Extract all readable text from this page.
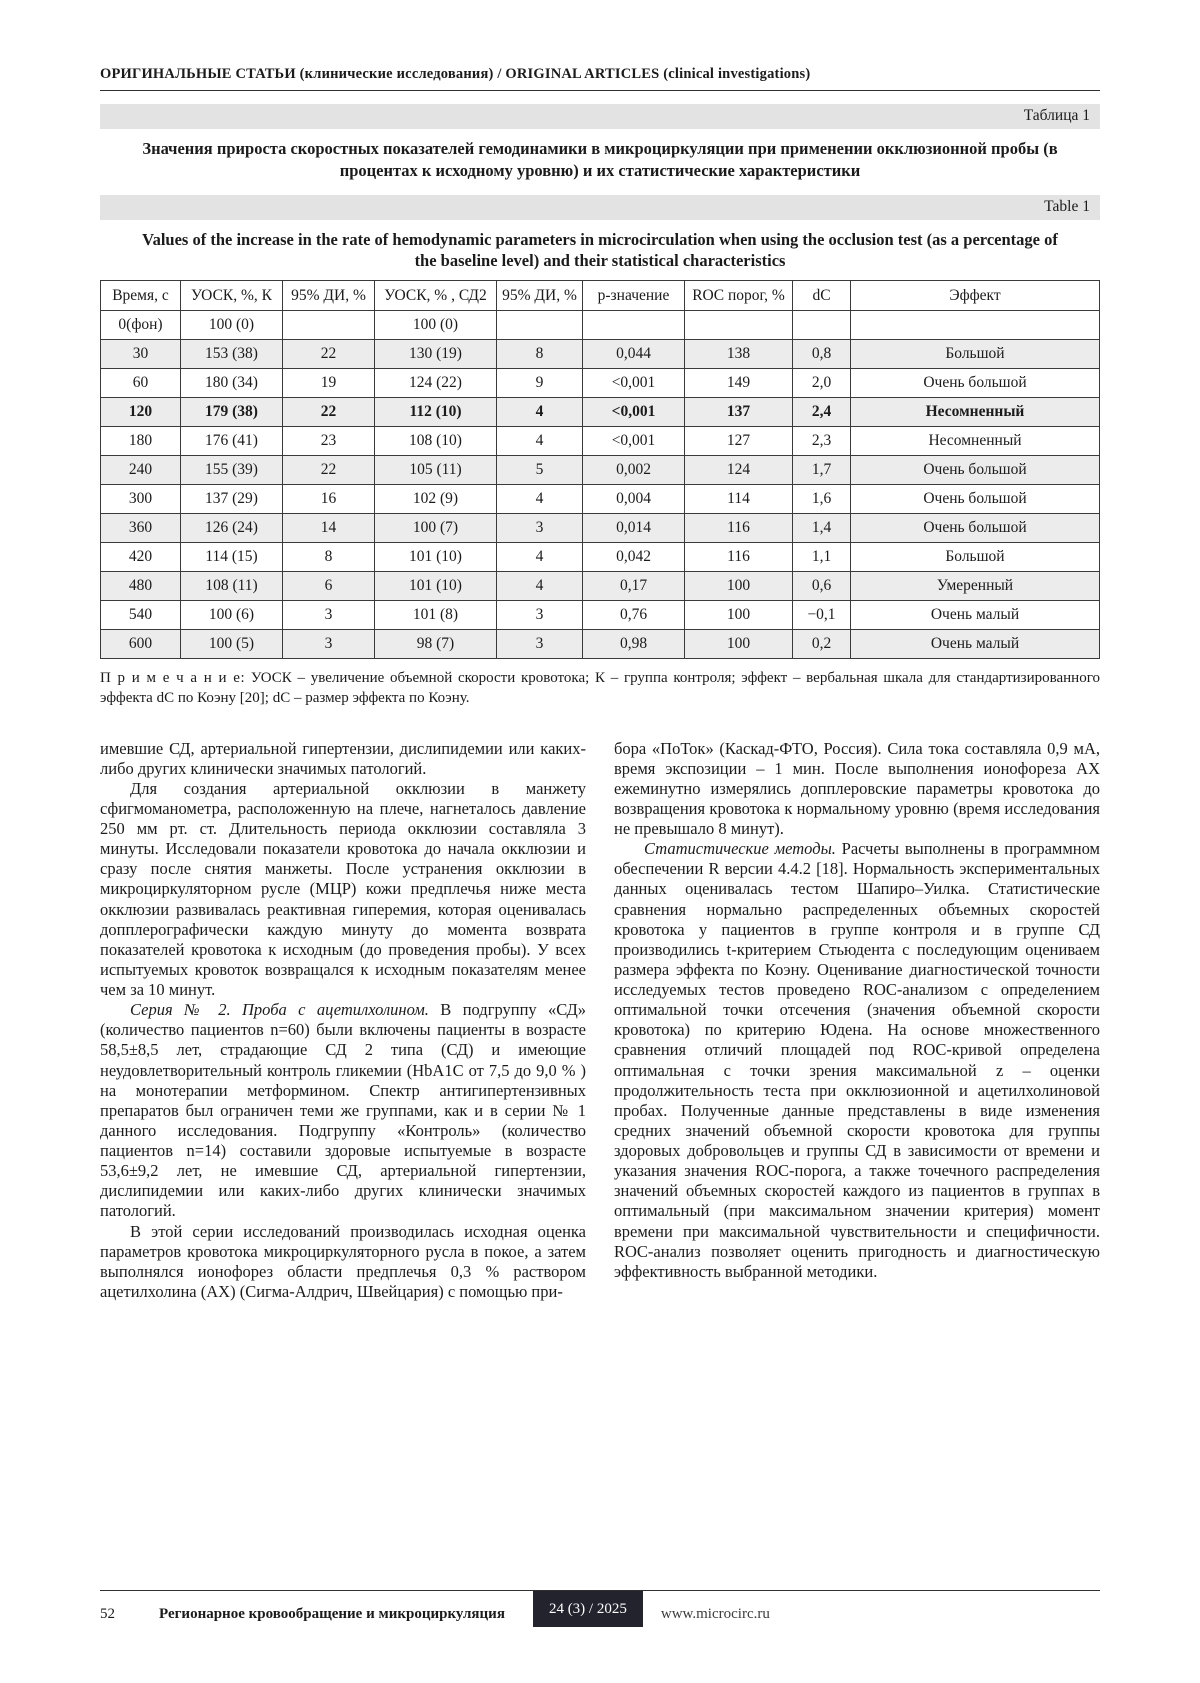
ОРИГИНАЛЬНЫЕ СТАТЬИ (клинические исследования) / ORIGINAL ARTICLES (clinical investigations)
Таблица 1
Значения прироста скоростных показателей гемодинамики в микроциркуляции при применении окклюзионной пробы (в процентах к исходному уровню) и их статистические характеристики
Table 1
Values of the increase in the rate of hemodynamic parameters in microcirculation when using the occlusion test (as a percentage of the baseline level) and their statistical characteristics
Время, с	УОСК, %, К	95% ДИ, %	УОСК, % , СД2	95% ДИ, %	p-значение	ROC порог, %	dC	Эффект
0(фон)	100 (0)		100 (0)					
30	153 (38)	22	130 (19)	8	0,044	138	0,8	Большой
60	180 (34)	19	124 (22)	9	<0,001	149	2,0	Очень большой
120	179 (38)	22	112 (10)	4	<0,001	137	2,4	Несомненный
180	176 (41)	23	108 (10)	4	<0,001	127	2,3	Несомненный
240	155 (39)	22	105 (11)	5	0,002	124	1,7	Очень большой
300	137 (29)	16	102 (9)	4	0,004	114	1,6	Очень большой
360	126 (24)	14	100 (7)	3	0,014	116	1,4	Очень большой
420	114 (15)	8	101 (10)	4	0,042	116	1,1	Большой
480	108 (11)	6	101 (10)	4	0,17	100	0,6	Умеренный
540	100 (6)	3	101 (8)	3	0,76	100	−0,1	Очень малый
600	100 (5)	3	98 (7)	3	0,98	100	0,2	Очень малый

П р и м е ч а н и е: УОСК – увеличение объемной скорости кровотока; К – группа контроля; эффект – вербальная шкала для стандартизированного эффекта dC по Коэну [20]; dC – размер эффекта по Коэну.

имевшие СД, артериальной гипертензии, дислипидемии или каких-либо других клинически значимых патологий.

Для создания артериальной окклюзии в манжету сфигмоманометра, расположенную на плече, нагнеталось давление 250 мм рт. ст. Длительность периода окклюзии составляла 3 минуты. Исследовали показатели кровотока до начала окклюзии и сразу после снятия манжеты. После устранения окклюзии в микроциркуляторном русле (МЦР) кожи предплечья ниже места окклюзии развивалась реактивная гиперемия, которая оценивалась допплерографически каждую минуту до момента возврата показателей кровотока к исходным (до проведения пробы). У всех испытуемых кровоток возвращался к исходным показателям менее чем за 10 минут.

Серия № 2. Проба с ацетилхолином. В подгруппу «СД» (количество пациентов n=60) были включены пациенты в возрасте 58,5±8,5 лет, страдающие СД 2 типа (СД) и имеющие неудовлетворительный контроль гликемии (HbA1C от 7,5 до 9,0 % ) на монотерапии метформином. Спектр антигипертензивных препаратов был ограничен теми же группами, как и в серии № 1 данного исследования. Подгруппу «Контроль» (количество пациентов n=14) составили здоровые испытуемые в возрасте 53,6±9,2 лет, не имевшие СД, артериальной гипертензии, дислипидемии или каких-либо других клинически значимых патологий.

В этой серии исследований производилась исходная оценка параметров кровотока микроциркуляторного русла в покое, а затем выполнялся ионофорез области предплечья 0,3 % раствором ацетилхолина (АХ) (Сигма-Алдрич, Швейцария) с помощью при-

бора «ПоТок» (Каскад-ФТО, Россия). Сила тока составляла 0,9 мА, время экспозиции – 1 мин. После выполнения ионофореза АХ ежеминутно измерялись допплеровские параметры кровотока до возвращения кровотока к нормальному уровню (время исследования не превышало 8 минут).

Статистические методы. Расчеты выполнены в программном обеспечении R версии 4.4.2 [18]. Нормальность экспериментальных данных оценивалась тестом Шапиро–Уилка. Статистические сравнения нормально распределенных объемных скоростей кровотока у пациентов в группе контроля и в группе СД производились t-критерием Стьюдента с последующим оцениваем размера эффекта по Коэну. Оценивание диагностической точности исследуемых тестов проведено ROC-анализом с определением оптимальной точки отсечения (значения объемной скорости кровотока) по критерию Юдена. На основе множественного сравнения отличий площадей под ROC-кривой определена оптимальная с точки зрения максимальной z – оценки продолжительность теста при окклюзионной и ацетилхолиновой пробах. Полученные данные представлены в виде изменения средних значений объемной скорости кровотока для группы здоровых добровольцев и группы СД в зависимости от времени и указания значения ROC-порога, а также точечного распределения значений объемных скоростей каждого из пациентов в группах в оптимальный (при максимальном значении критерия) момент времени при максимальной чувствительности и специфичности. ROC-анализ позволяет оценить пригодность и диагностическую эффективность выбранной методики.

52	Регионарное кровообращение и микроциркуляция	24 (3) / 2025	www.microcirc.ru
